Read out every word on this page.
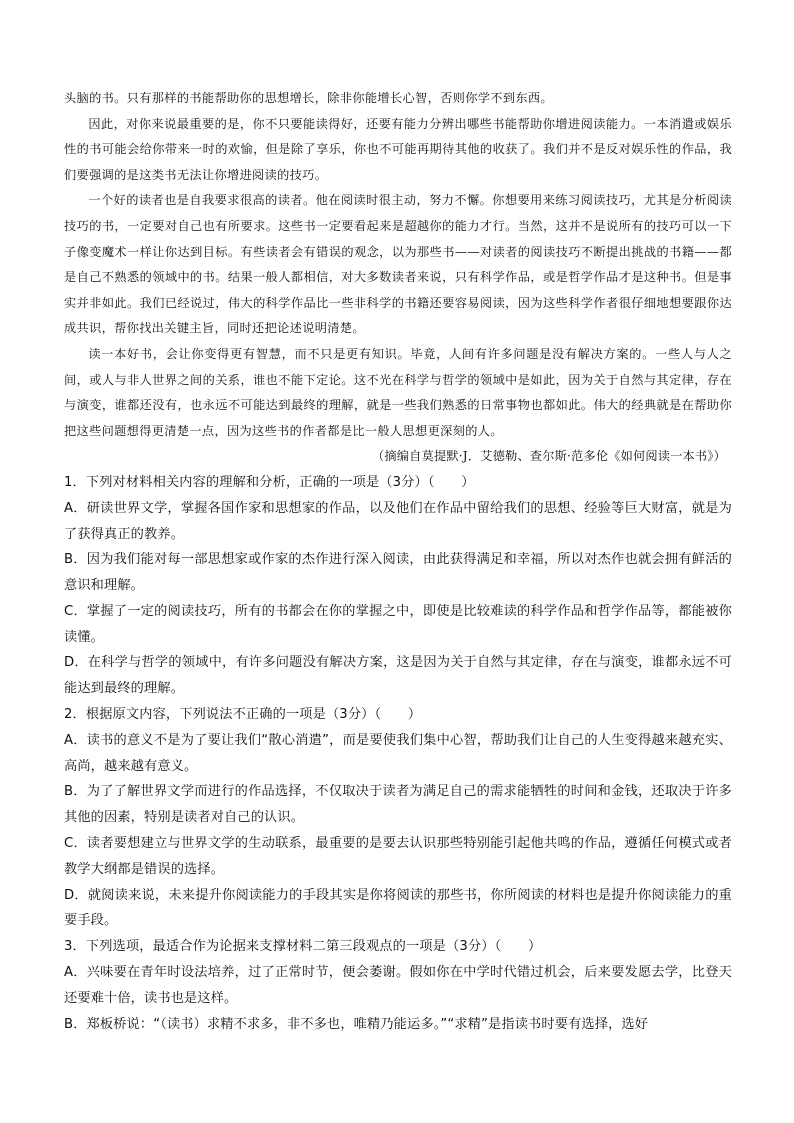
头脑的书。只有那样的书能帮助你的思想增长，除非你能增长心智，否则你学不到东西。

因此，对你来说最重要的是，你不只要能读得好，还要有能力分辨出哪些书能帮助你增进阅读能力。一本消遣或娱乐性的书可能会给你带来一时的欢愉，但是除了享乐，你也不可能再期待其他的收获了。我们并不是反对娱乐性的作品，我们要强调的是这类书无法让你增进阅读的技巧。

一个好的读者也是自我要求很高的读者。他在阅读时很主动，努力不懈。你想要用来练习阅读技巧，尤其是分析阅读技巧的书，一定要对自己也有所要求。这些书一定要看起来是超越你的能力才行。当然，这并不是说所有的技巧可以一下子像变魔术一样让你达到目标。有些读者会有错误的观念，以为那些书——对读者的阅读技巧不断提出挑战的书籍——都是自己不熟悉的领域中的书。结果一般人都相信，对大多数读者来说，只有科学作品，或是哲学作品才是这种书。但是事实并非如此。我们已经说过，伟大的科学作品比一些非科学的书籍还要容易阅读，因为这些科学作者很仔细地想要跟你达成共识，帮你找出关键主旨，同时还把论述说明清楚。

读一本好书，会让你变得更有智慧，而不只是更有知识。毕竟，人间有许多问题是没有解决方案的。一些人与人之间，或人与非人世界之间的关系，谁也不能下定论。这不光在科学与哲学的领域中是如此，因为关于自然与其定律，存在与演变，谁都还没有，也永远不可能达到最终的理解，就是一些我们熟悉的日常事物也都如此。伟大的经典就是在帮助你把这些问题想得更清楚一点，因为这些书的作者都是比一般人思想更深刻的人。

（摘编自莫提默·J．艾德勒、查尔斯·范多伦《如何阅读一本书》）

1．下列对材料相关内容的理解和分析，正确的一项是（3分）（　　）

A．研读世界文学，掌握各国作家和思想家的作品，以及他们在作品中留给我们的思想、经验等巨大财富，就是为了获得真正的教养。

B．因为我们能对每一部思想家或作家的杰作进行深入阅读，由此获得满足和幸福，所以对杰作也就会拥有鲜活的意识和理解。

C．掌握了一定的阅读技巧，所有的书都会在你的掌握之中，即使是比较难读的科学作品和哲学作品等，都能被你读懂。

D．在科学与哲学的领域中，有许多问题没有解决方案，这是因为关于自然与其定律，存在与演变，谁都永远不可能达到最终的理解。

2．根据原文内容，下列说法不正确的一项是（3分）（　　）

A．读书的意义不是为了要让我们“散心消遣”，而是要使我们集中心智，帮助我们让自己的人生变得越来越充实、高尚，越来越有意义。

B．为了了解世界文学而进行的作品选择，不仅取决于读者为满足自己的需求能牺牲的时间和金钱，还取决于许多其他的因素，特别是读者对自己的认识。

C．读者要想建立与世界文学的生动联系，最重要的是要去认识那些特别能引起他共鸣的作品，遵循任何模式或者教学大纲都是错误的选择。

D．就阅读来说，未来提升你阅读能力的手段其实是你将阅读的那些书，你所阅读的材料也是提升你阅读能力的重要手段。

3．下列选项，最适合作为论据来支撑材料二第三段观点的一项是（3分）（　　）

A．兴味要在青年时设法培养，过了正常时节，便会萎谢。假如你在中学时代错过机会，后来要发愿去学，比登天还要难十倍，读书也是这样。

B．郑板桥说：“（读书）求精不求多，非不多也，唯精乃能运多。”“求精”是指读书时要有选择，选好
